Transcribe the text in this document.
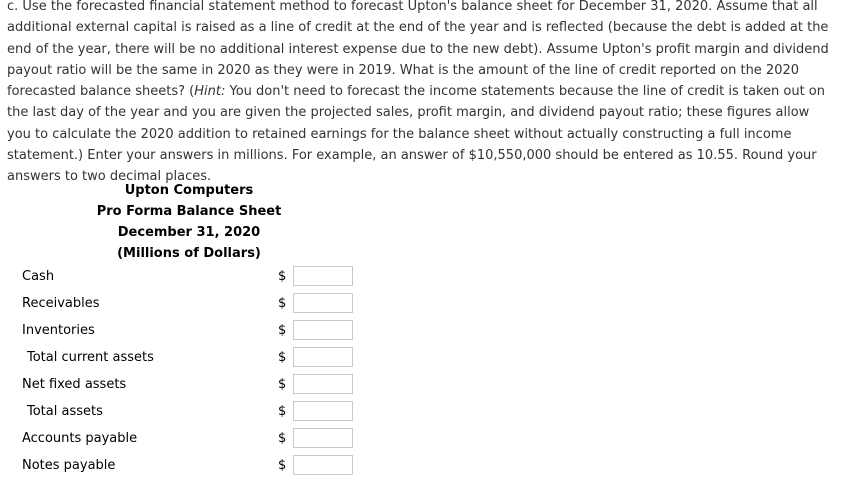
c. Use the forecasted financial statement method to forecast Upton's balance sheet for December 31, 2020. Assume that all additional external capital is raised as a line of credit at the end of the year and is reflected (because the debt is added at the end of the year, there will be no additional interest expense due to the new debt). Assume Upton's profit margin and dividend payout ratio will be the same in 2020 as they were in 2019. What is the amount of the line of credit reported on the 2020 forecasted balance sheets? (Hint: You don't need to forecast the income statements because the line of credit is taken out on the last day of the year and you are given the projected sales, profit margin, and dividend payout ratio; these figures allow you to calculate the 2020 addition to retained earnings for the balance sheet without actually constructing a full income statement.) Enter your answers in millions. For example, an answer of $10,550,000 should be entered as 10.55. Round your answers to two decimal places.

Upton Computers
Pro Forma Balance Sheet
December 31, 2020
(Millions of Dollars)
Cash	$
Receivables	$
Inventories	$
Total current assets	$
Net fixed assets	$
Total assets	$
Accounts payable	$
Notes payable	$
